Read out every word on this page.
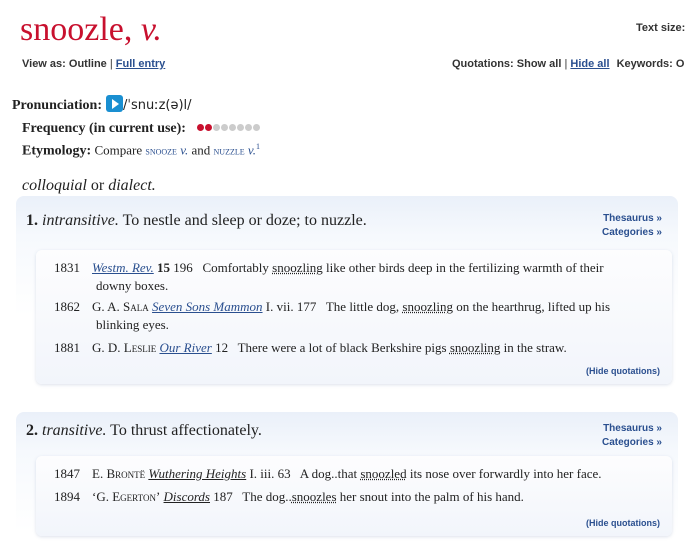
snoozle, v.	Text size:
View as: Outline | Full entry	Quotations: Show all | Hide all Keywords: O
Pronunciation: /ˈsnuːz(ə)l/
Frequency (in current use):
Etymology: Compare snooze v. and nuzzle v.$^1$
colloquial or dialect.
1. intransitive. To nestle and sleep or doze; to nuzzle.	Thesaurus »
Categories »
1831 Westm. Rev. 15 196 Comfortably snoozling like other birds deep in the fertilizing warmth of their
downy boxes.
1862 G. A. Sala Seven Sons Mammon I. vii. 177 The little dog, snoozling on the hearthrug, lifted up his
blinking eyes.
1881 G. D. Leslie Our River 12 There were a lot of black Berkshire pigs snoozling in the straw.
(Hide quotations)
2. transitive. To thrust affectionately.	Thesaurus »
Categories »
1847 E. Brontë Wuthering Heights I. iii. 63 A dog..that snoozled its nose over forwardly into her face.
1894 ‘G. Egerton’ Discords 187 The dog..snoozles her snout into the palm of his hand.
(Hide quotations)
